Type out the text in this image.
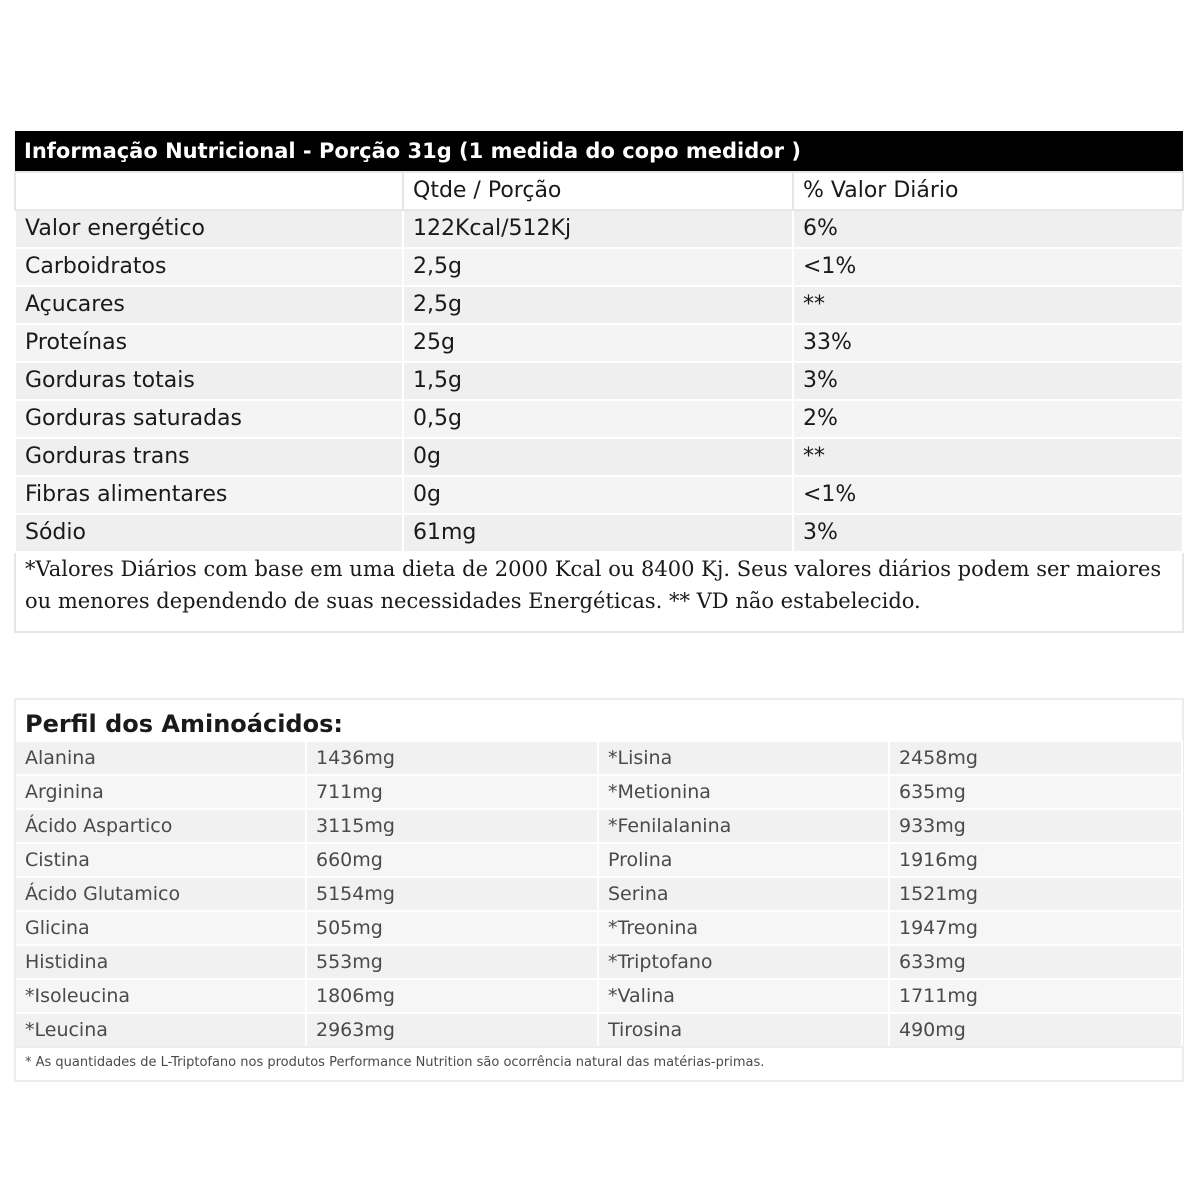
Informação Nutricional - Porção 31g (1 medida do copo medidor )		
	Qtde / Porção	% Valor Diário
Valor energético	122Kcal/512Kj	6%
Carboidratos	2,5g	<1%
Açucares	2,5g	**
Proteínas	25g	33%
Gorduras totais	1,5g	3%
Gorduras saturadas	0,5g	2%
Gorduras trans	0g	**
Fibras alimentares	0g	<1%
Sódio	61mg	3%
*Valores Diários com base em uma dieta de 2000 Kcal ou 8400 Kj. Seus valores diários podem ser maiores ou menores dependendo de suas necessidades Energéticas. ** VD não estabelecido.		
Perfil dos Aminoácidos:
Alanina	1436mg	*Lisina	2458mg
Arginina	711mg	*Metionina	635mg
Ácido Aspartico	3115mg	*Fenilalanina	933mg
Cistina	660mg	Prolina	1916mg
Ácido Glutamico	5154mg	Serina	1521mg
Glicina	505mg	*Treonina	1947mg
Histidina	553mg	*Triptofano	633mg
*Isoleucina	1806mg	*Valina	1711mg
*Leucina	2963mg	Tirosina	490mg
* As quantidades de L-Triptofano nos produtos Performance Nutrition são ocorrência natural das matérias-primas.
